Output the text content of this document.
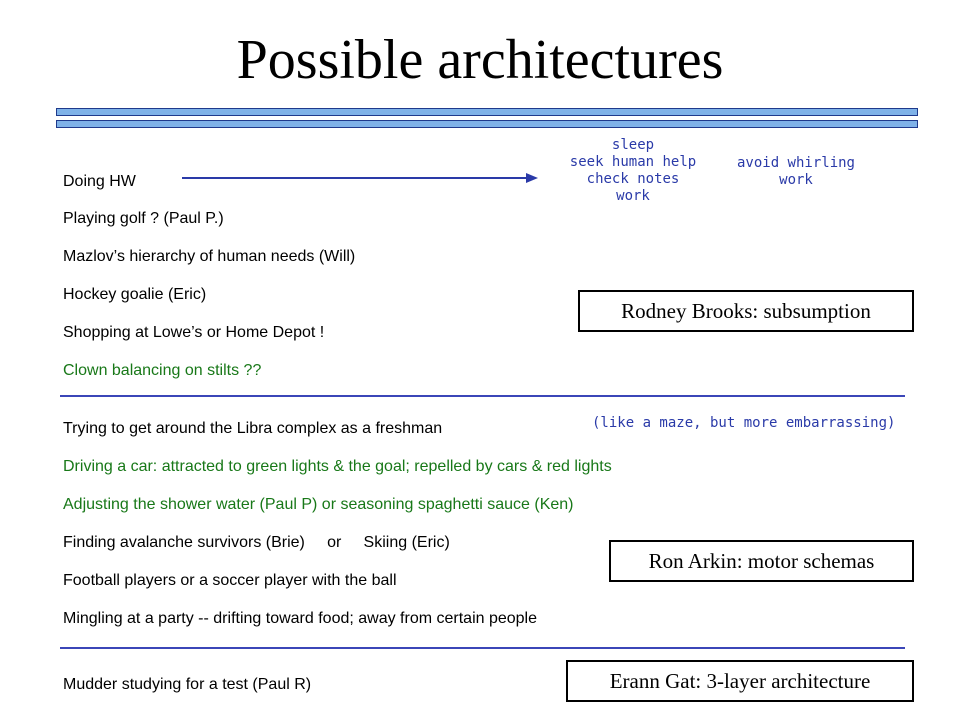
Possible architectures
sleep
seek human help
check notes
work
avoid whirling
work
Doing HW
Playing golf ? (Paul P.)
Mazlov’s hierarchy of human needs (Will)
Hockey goalie (Eric)
Shopping at Lowe’s or Home Depot !
Clown balancing on stilts ??
Rodney Brooks: subsumption
Trying to get around the Libra complex as a freshman	(like a maze, but more embarrassing)
Driving a car: attracted to green lights & the goal; repelled by cars & red lights
Adjusting the shower water (Paul P) or seasoning spaghetti sauce (Ken)
Finding avalanche survivors (Brie)     or     Skiing (Eric)
Football players or a soccer player with the ball
Mingling at a party -- drifting toward food; away from certain people
Ron Arkin: motor schemas
Mudder studying for a test (Paul R)	Erann Gat: 3-layer architecture
